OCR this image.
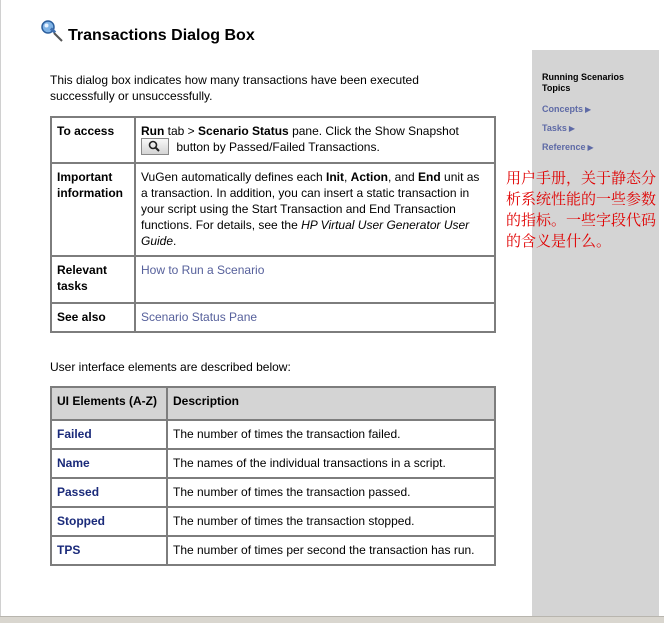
Transactions Dialog Box
This dialog box indicates how many transactions have been executed successfully or unsuccessfully.
To access	Run tab > Scenario Status pane. Click the Show Snapshot
button by Passed/Failed Transactions.
Important information	VuGen automatically defines each Init, Action, and End unit as a transaction. In addition, you can insert a static transaction in your script using the Start Transaction and End Transaction functions. For details, see the HP Virtual User Generator User Guide.
Relevant tasks	How to Run a Scenario
See also	Scenario Status Pane
User interface elements are described below:
UI Elements (A-Z)	Description
Failed	The number of times the transaction failed.
Name	The names of the individual transactions in a script.
Passed	The number of times the transaction passed.
Stopped	The number of times the transaction stopped.
TPS	The number of times per second the transaction has run.
Running Scenarios Topics
Concepts ▶
Tasks ▶
Reference ▶
用户手册，关于静态分析系统性能的一些参数的指标。一些字段代码的含义是什么。
